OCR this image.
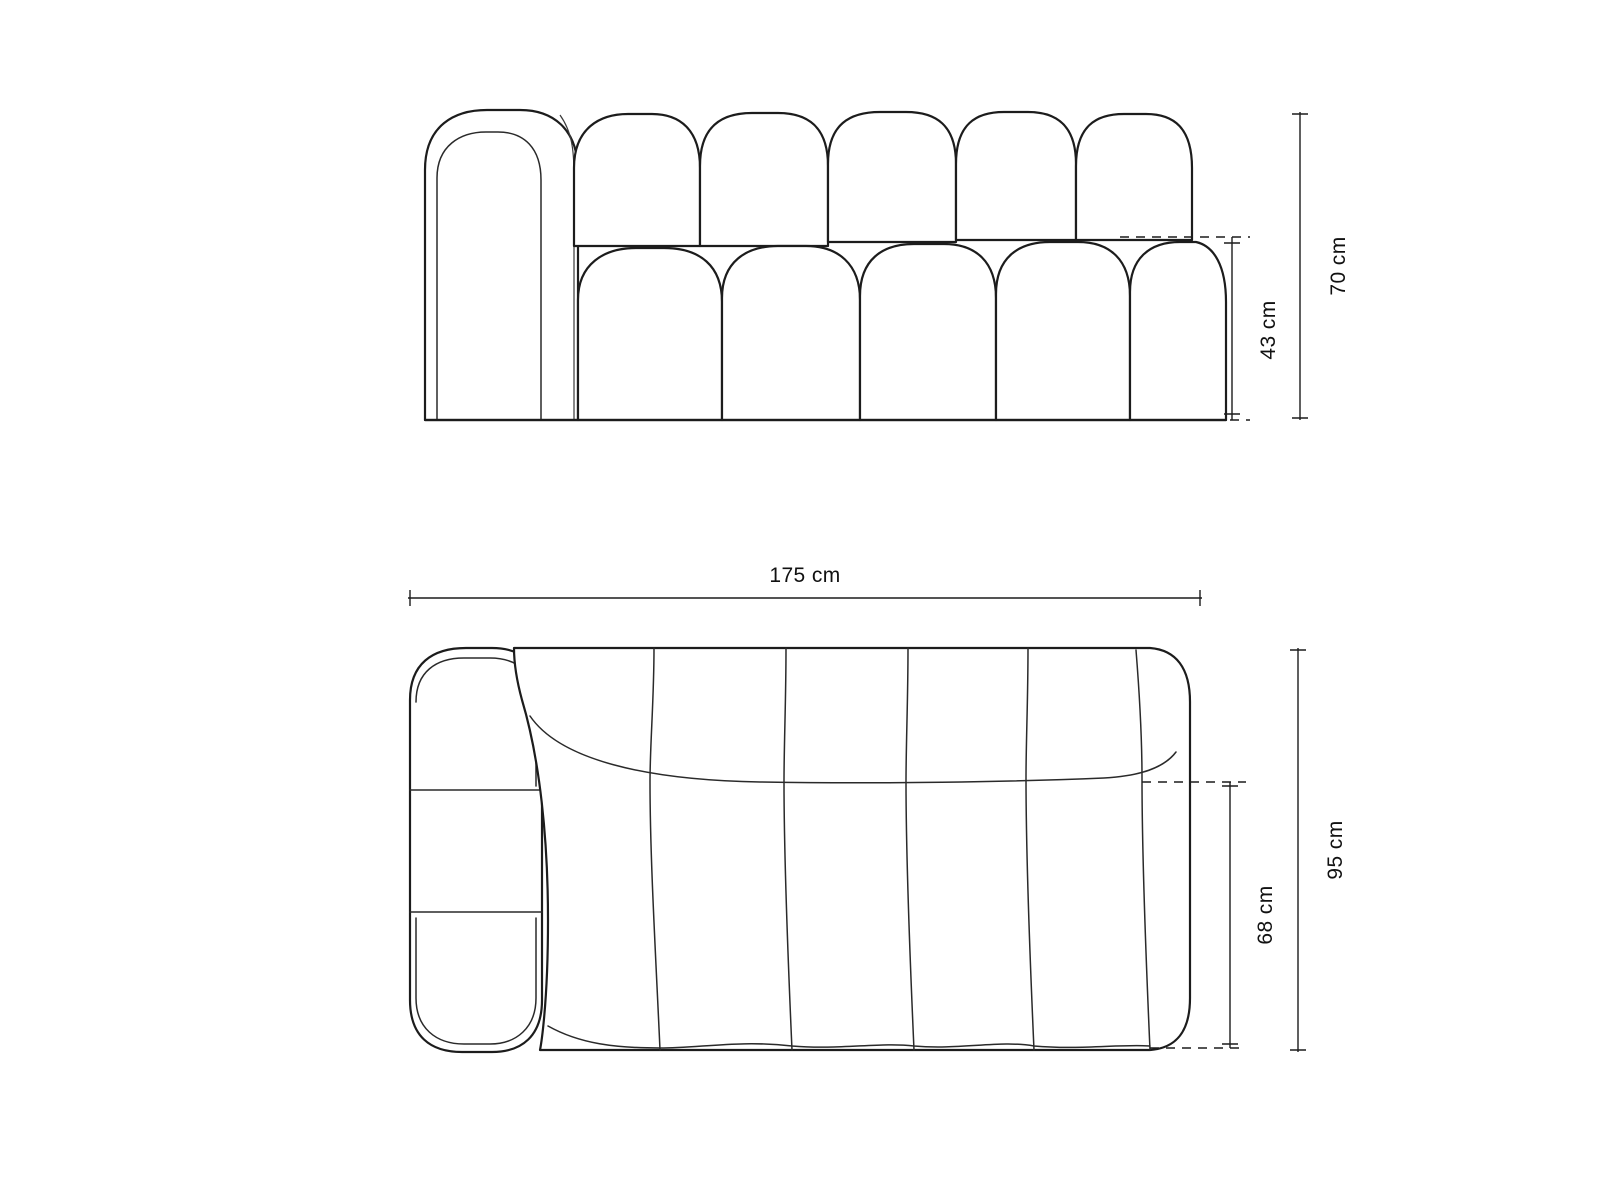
43 cm
70 cm
175 cm
68 cm
95 cm
